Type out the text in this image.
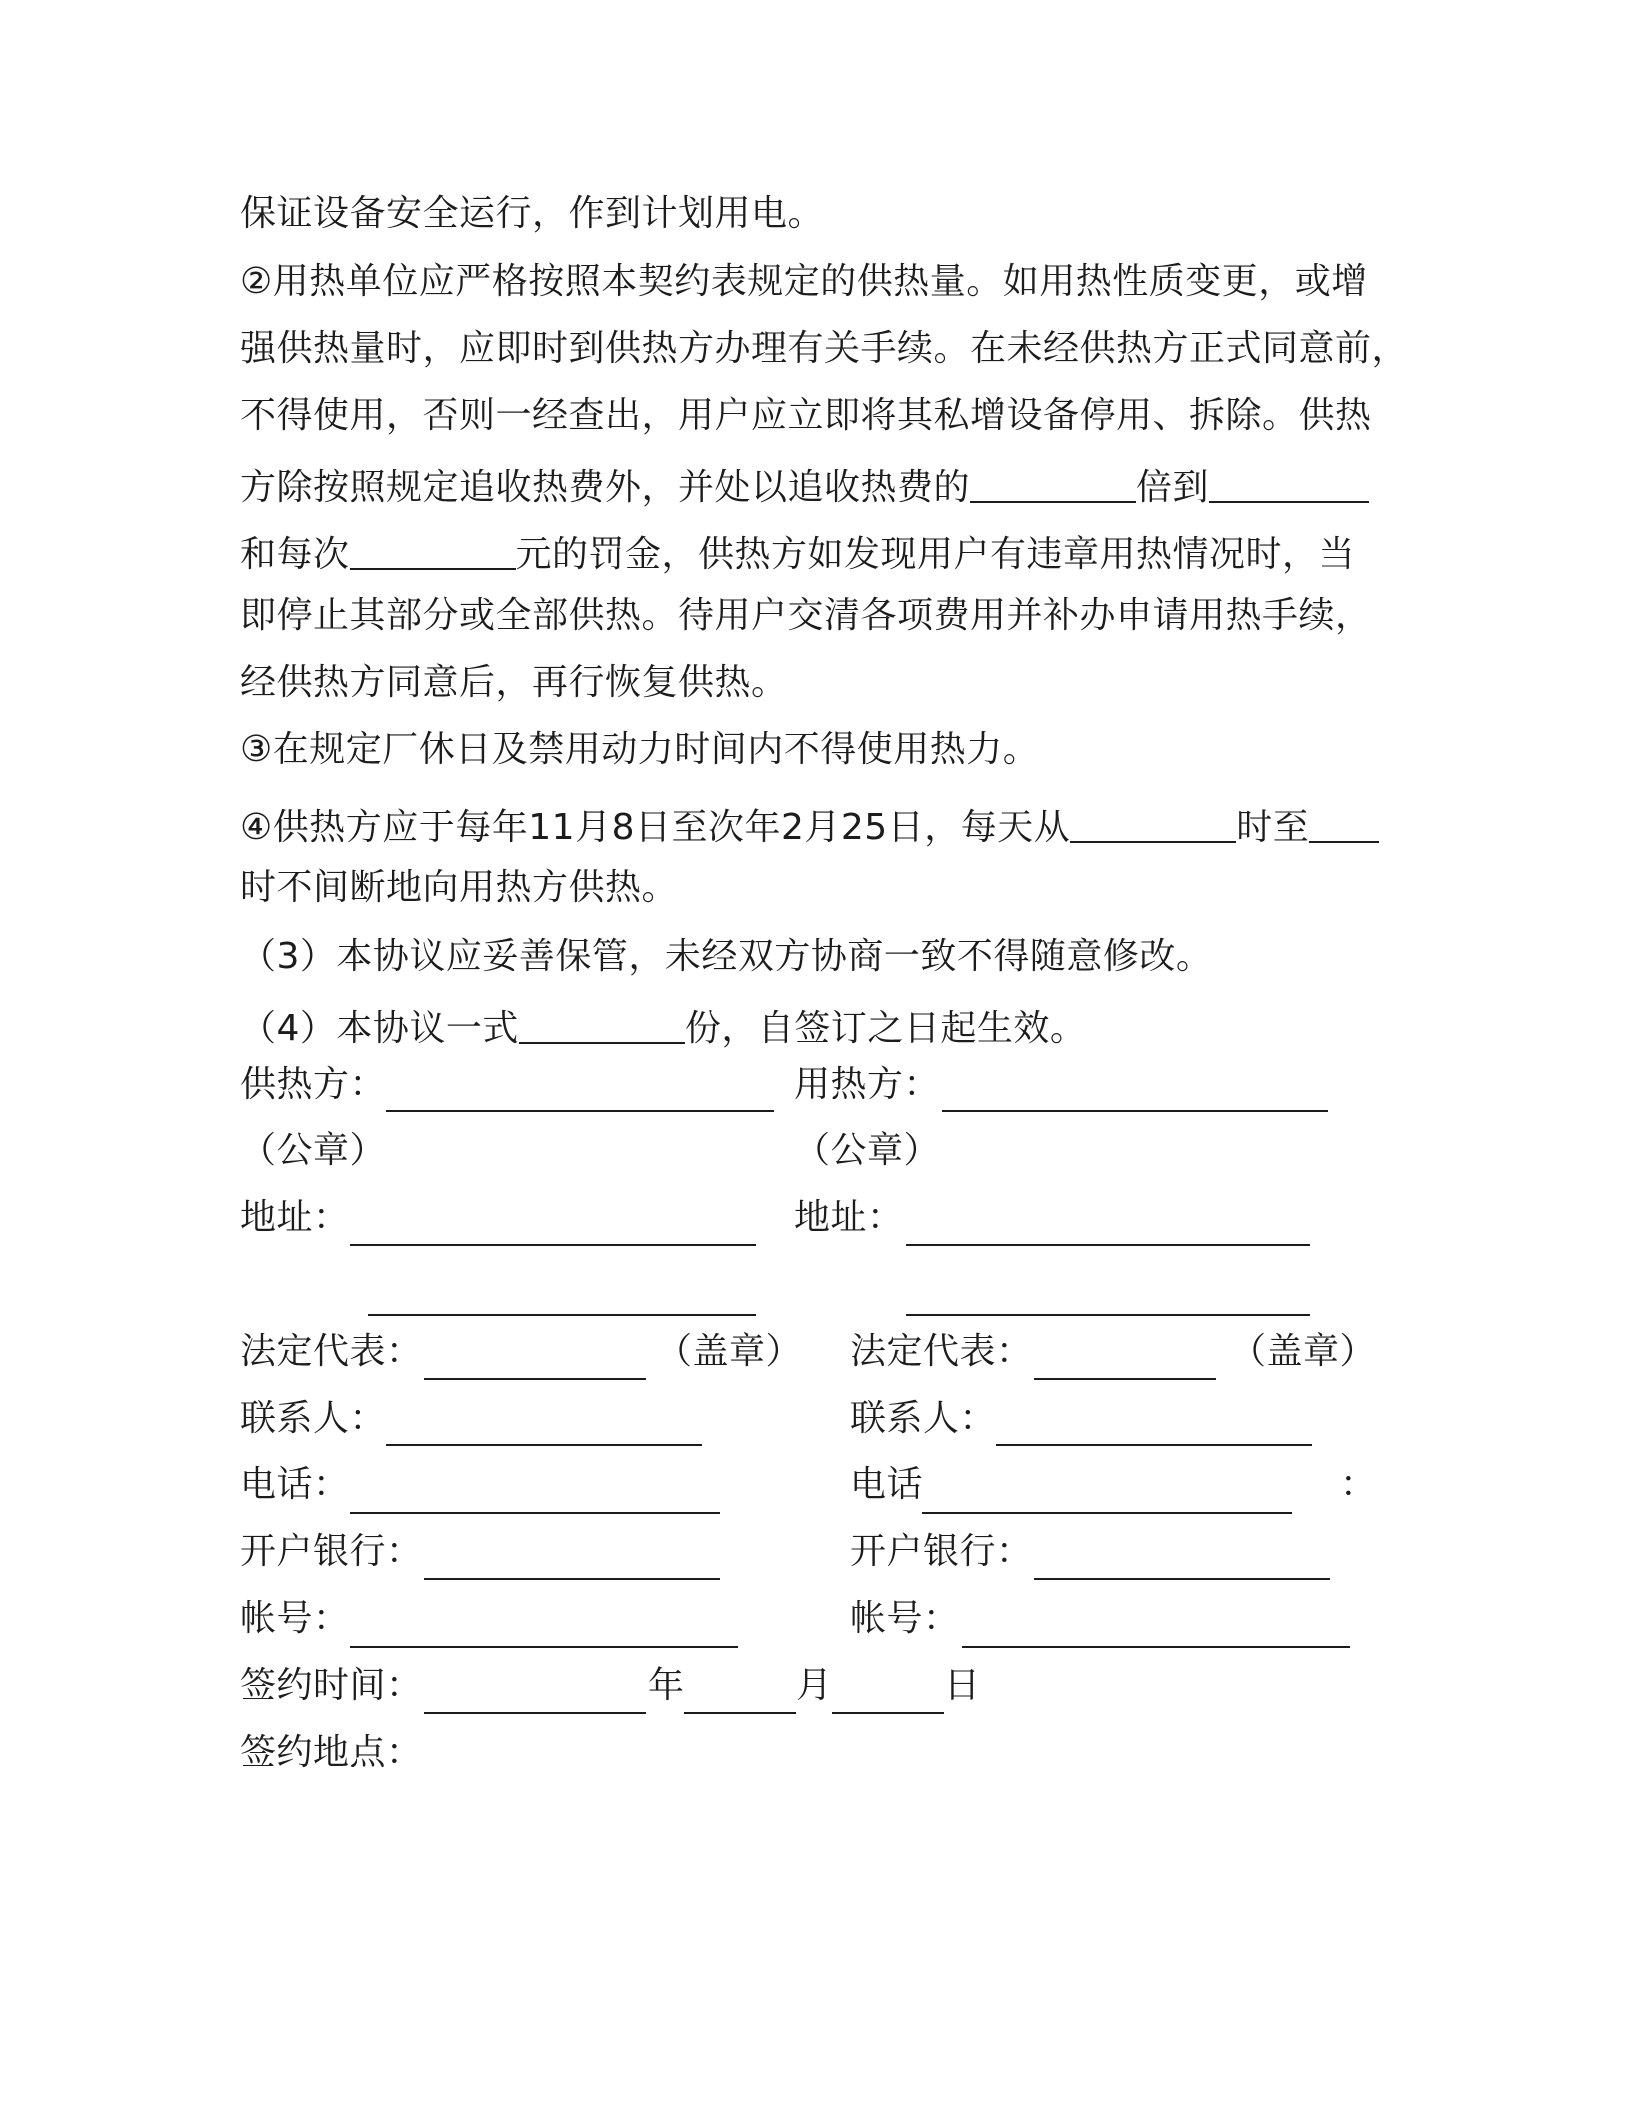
保证设备安全运行，作到计划用电。
②用热单位应严格按照本契约表规定的供热量。如用热性质变更，或增
强供热量时，应即时到供热方办理有关手续。在未经供热方正式同意前，
不得使用，否则一经查出，用户应立即将其私增设备停用、拆除。供热
方除按照规定追收热费外，并处以追收热费的	倍到
和每次	元的罚金，供热方如发现用户有违章用热情况时，当
即停止其部分或全部供热。待用户交清各项费用并补办申请用热手续，
经供热方同意后，再行恢复供热。
③在规定厂休日及禁用动力时间内不得使用热力。
④供热方应于每年11月8日至次年2月25日，每天从	时至
时不间断地向用热方供热。
（3）本协议应妥善保管，未经双方协商一致不得随意修改。
（4）本协议一式	份，自签订之日起生效。
供热方：	用热方：
（公章）	（公章）
地址：	地址：
法定代表：	（盖章） 法定代表：	（盖章）
联系人：	联系人：
电话：	电话	：
开户银行：	开户银行：
帐号：	帐号：
签约时间：	年	月	日
签约地点：
